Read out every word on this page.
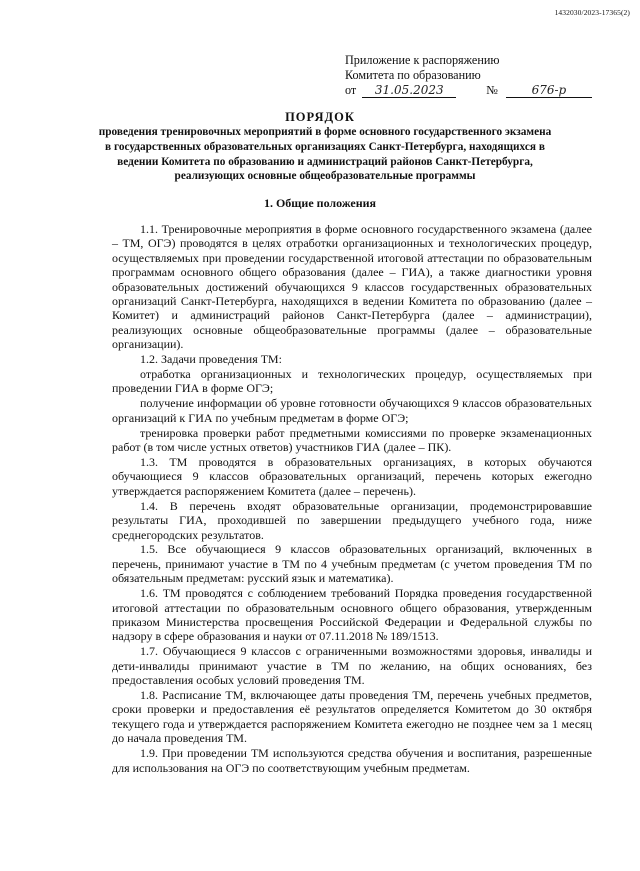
1432030/2023-17365(2)
Приложение к распоряжению
Комитета по образованию
от	31.05.2023	№	676-р
ПОРЯДОК
проведения тренировочных мероприятий в форме основного государственного экзамена в государственных образовательных организациях Санкт-Петербурга, находящихся в ведении Комитета по образованию и администраций районов Санкт-Петербурга, реализующих основные общеобразовательные программы
1. Общие положения

1.1. Тренировочные мероприятия в форме основного государственного экзамена (далее – ТМ, ОГЭ) проводятся в целях отработки организационных и технологических процедур, осуществляемых при проведении государственной итоговой аттестации по образовательным программам основного общего образования (далее – ГИА), а также диагностики уровня образовательных достижений обучающихся 9 классов государственных образовательных организаций Санкт-Петербурга, находящихся в ведении Комитета по образованию (далее – Комитет) и администраций районов Санкт-Петербурга (далее – администрации), реализующих основные общеобразовательные программы (далее – образовательные организации).

1.2. Задачи проведения ТМ:

отработка организационных и технологических процедур, осуществляемых при проведении ГИА в форме ОГЭ;

получение информации об уровне готовности обучающихся 9 классов образовательных организаций к ГИА по учебным предметам в форме ОГЭ;

тренировка проверки работ предметными комиссиями по проверке экзаменационных работ (в том числе устных ответов) участников ГИА (далее – ПК).

1.3. ТМ проводятся в образовательных организациях, в которых обучаются обучающиеся 9 классов образовательных организаций, перечень которых ежегодно утверждается распоряжением Комитета (далее – перечень).

1.4. В перечень входят образовательные организации, продемонстрировавшие результаты ГИА, проходившей по завершении предыдущего учебного года, ниже среднегородских результатов.

1.5. Все обучающиеся 9 классов образовательных организаций, включенных в перечень, принимают участие в ТМ по 4 учебным предметам (с учетом проведения ТМ по обязательным предметам: русский язык и математика).

1.6. ТМ проводятся с соблюдением требований Порядка проведения государственной итоговой аттестации по образовательным основного общего образования, утвержденным приказом Министерства просвещения Российской Федерации и Федеральной службы по надзору в сфере образования и науки от 07.11.2018 № 189/1513.

1.7. Обучающиеся 9 классов с ограниченными возможностями здоровья, инвалиды и дети-инвалиды принимают участие в ТМ по желанию, на общих основаниях, без предоставления особых условий проведения ТМ.

1.8. Расписание ТМ, включающее даты проведения ТМ, перечень учебных предметов, сроки проверки и предоставления её результатов определяется Комитетом до 30 октября текущего года и утверждается распоряжением Комитета ежегодно не позднее чем за 1 месяц до начала проведения ТМ.

1.9. При проведении ТМ используются средства обучения и воспитания, разрешенные для использования на ОГЭ по соответствующим учебным предметам.
